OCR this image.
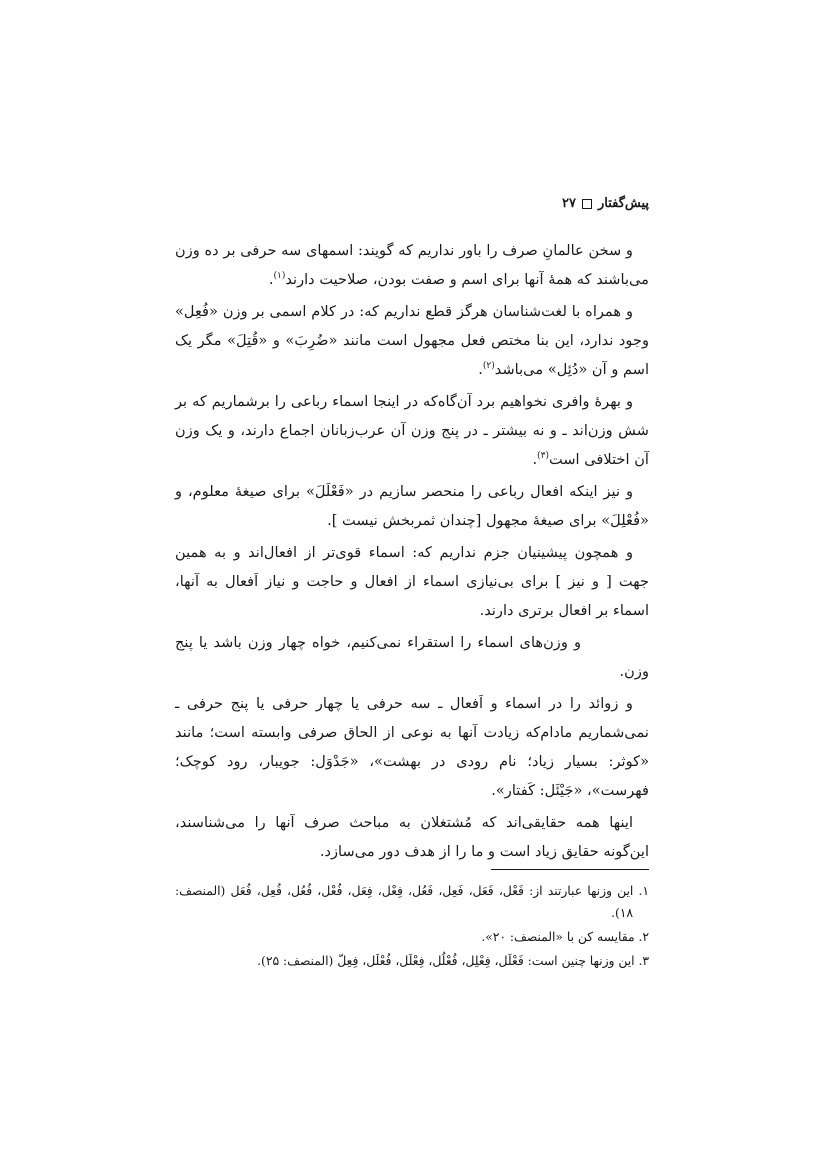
پیش‌گفتار
۲۷

و سخن عالمانِ صرف را باور نداریم که گویند: اسمهای سه حرفی بر ده وزن می‌باشند که همهٔ آنها برای اسم و صفت بودن، صلاحیت دارند$^{(۱)}$.

و همراه با لغت‌شناسان هرگز قطع نداریم که: در کلام اسمی بر وزن «فُعِل» وجود ندارد، این بنا مختص فعل مجهول است مانند «ضُرِبَ» و «قُتِلَ» مگر یک اسم و آن «دُئِل» می‌باشد$^{(۲)}$.

و بهرهٔ وافری نخواهیم برد آن‌گاه‌که در اینجا اسماء رباعی را برشماریم که بر شش وزن‌اند ـ و نه بیشتر ـ در پنج وزن آن عرب‌زبانان اجماع دارند، و یک وزن آن اختلافی است$^{(۳)}$.

و نیز اینکه افعال رباعی را منحصر سازیم در «فَعْلَلَ» برای صیغهٔ معلوم، و «فُعْلِلَ» برای صیغهٔ مجهول [چندان ثمربخش نیست ].

و همچون پیشینیان جزم نداریم که: اسماء قوی‌تر از افعال‌اند و به همین جهت [ و نیز ] برای بی‌نیازی اسماء از افعال و حاجت و نیاز اَفعال به آنها، اسماء بر افعال برتری دارند.

و وزن‌های اسماء را استقراء نمی‌کنیم، خواه چهار وزن باشد یا پنج وزن.

و زوائد را در اسماء و اَفعال ـ سه حرفی یا چهار حرفی یا پنج حرفی ـ نمی‌شماریم مادام‌که زیادت آنها به نوعی از الحاق صرفی وابسته است؛ مانند «کوثر: بسیار زیاد؛ نام رودی در بهشت»، «جَدْوَل: جویبار، رود کوچک؛ فهرست»، «جَیْئَل: کَفتار».

اینها همه حقایقی‌اند که مُشتغلان به مباحث صرف آنها را می‌شناسند، این‌گونه حقایق زیاد است و ما را از هدف دور می‌سازد.

۱. این وزنها عبارتند از: فَعْل، فَعَل، فَعِل، فَعُل، فِعْل، فِعَل، فُعْل، فُعُل، فُعِل، فُعَل (المنصف: ۱۸).

۲. مقایسه کن با «المنصف: ۲۰».

۳. این وزنها چنین است: فَعْلَل، فِعْلِل، فُعْلُل، فِعْلَل، فُعْلَل، فِعِلّ (المنصف: ۲۵).
